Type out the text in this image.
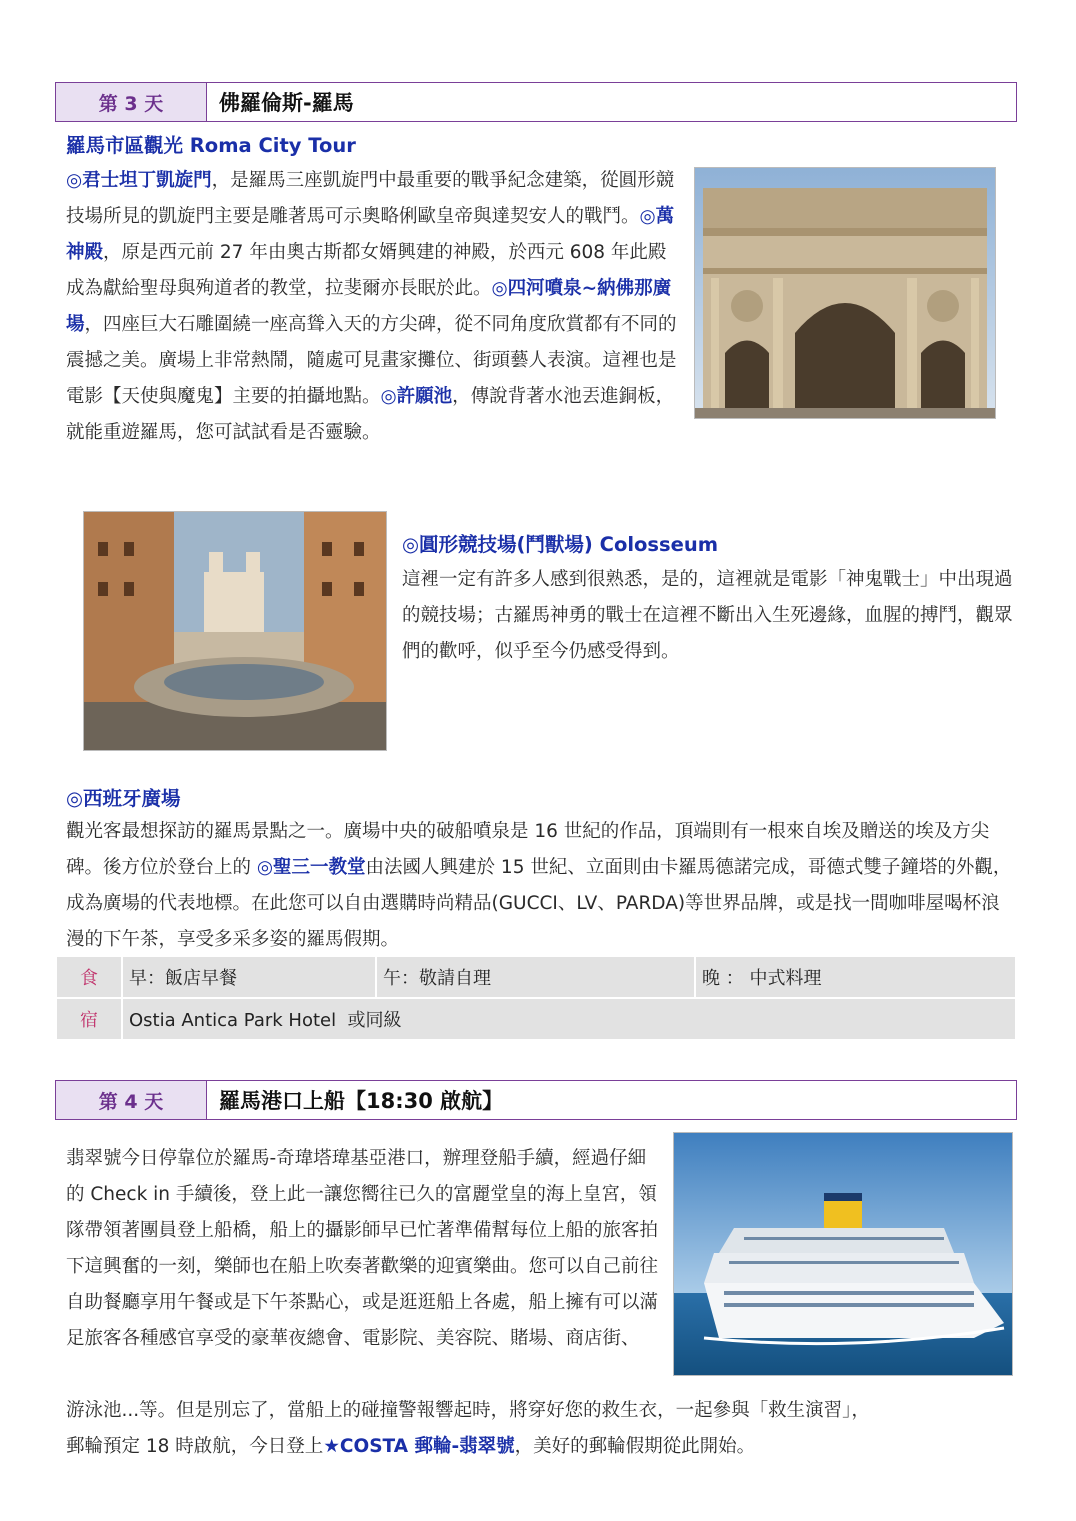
第 3 天	佛羅倫斯-羅馬
羅馬市區觀光 Roma City Tour
◎君士坦丁凱旋門，是羅馬三座凱旋門中最重要的戰爭紀念建築，從圓形競技場所見的凱旋門主要是雕著馬可示奧略俐歐皇帝與達契安人的戰鬥。◎萬神殿，原是西元前 27 年由奧古斯都女婿興建的神殿，於西元 608 年此殿成為獻給聖母與殉道者的教堂，拉斐爾亦長眠於此。◎四河噴泉~納佛那廣場，四座巨大石雕圍繞一座高聳入天的方尖碑，從不同角度欣賞都有不同的震撼之美。廣場上非常熱鬧，隨處可見畫家攤位、街頭藝人表演。這裡也是電影【天使與魔鬼】主要的拍攝地點。◎許願池，傳說背著水池丟進銅板，就能重遊羅馬，您可試試看是否靈驗。
◎圓形競技場(鬥獸場) Colosseum
這裡一定有許多人感到很熟悉，是的，這裡就是電影「神鬼戰士」中出現過的競技場；古羅馬神勇的戰士在這裡不斷出入生死邊緣，血腥的搏鬥，觀眾們的歡呼，似乎至今仍感受得到。
◎西班牙廣場
觀光客最想探訪的羅馬景點之一。廣場中央的破船噴泉是 16 世紀的作品，頂端則有一根來自埃及贈送的埃及方尖碑。後方位於登台上的 ◎聖三一教堂由法國人興建於 15 世紀、立面則由卡羅馬德諾完成，哥德式雙子鐘塔的外觀，成為廣場的代表地標。在此您可以自由選購時尚精品(GUCCI、LV、PARDA)等世界品牌，或是找一間咖啡屋喝杯浪漫的下午茶，享受多采多姿的羅馬假期。
食	早：飯店早餐	午：敬請自理	晚 ： 中式料理
宿	Ostia Antica Park Hotel  或同級		
第 4 天	羅馬港口上船【18:30 啟航】
翡翠號今日停靠位於羅馬-奇瑋塔瑋基亞港口，辦理登船手續，經過仔細的 Check in 手續後，登上此一讓您嚮往已久的富麗堂皇的海上皇宮，領隊帶領著團員登上船橋，船上的攝影師早已忙著準備幫每位上船的旅客拍下這興奮的一刻，樂師也在船上吹奏著歡樂的迎賓樂曲。您可以自己前往自助餐廳享用午餐或是下午茶點心，或是逛逛船上各處，船上擁有可以滿足旅客各種感官享受的豪華夜總會、電影院、美容院、賭場、商店街、
游泳池...等。但是別忘了，當船上的碰撞警報響起時，將穿好您的救生衣，一起參與「救生演習」，
郵輪預定 18 時啟航，今日登上★COSTA 郵輪-翡翠號，美好的郵輪假期從此開始。
